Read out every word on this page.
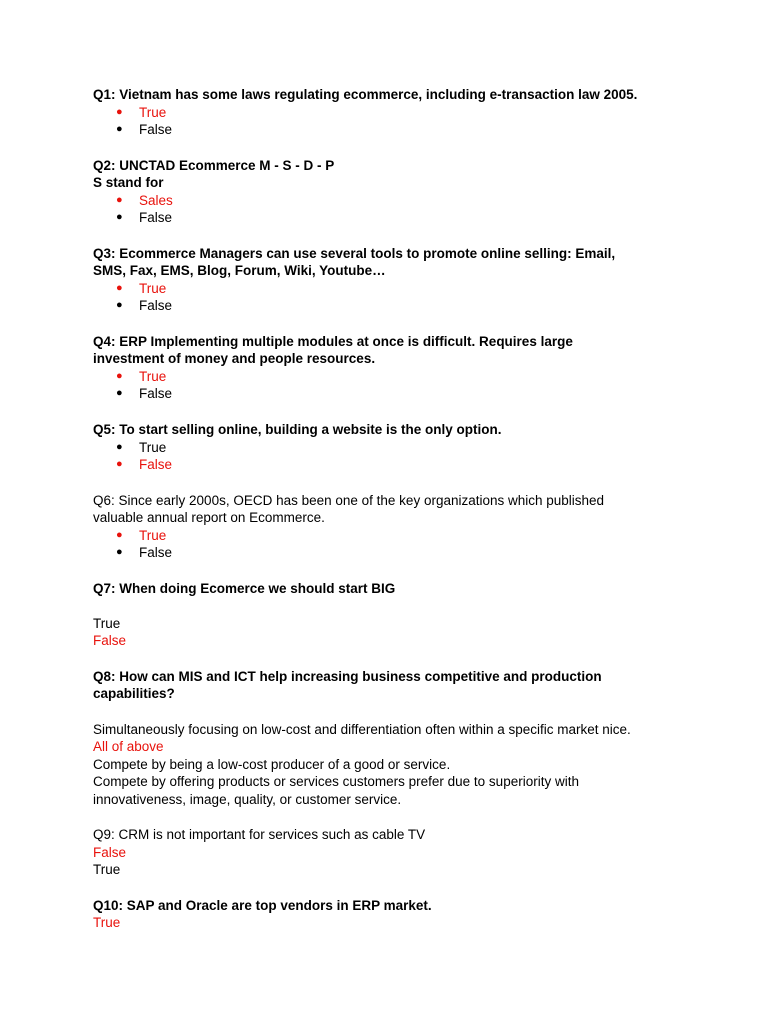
Q1: Vietnam has some laws regulating ecommerce, including e-transaction law 2005.
● True
● False
Q2: UNCTAD Ecommerce M - S - D - P
S stand for
● Sales
● False
Q3: Ecommerce Managers can use several tools to promote online selling: Email,
SMS, Fax, EMS, Blog, Forum, Wiki, Youtube…
● True
● False
Q4: ERP Implementing multiple modules at once is difficult. Requires large
investment of money and people resources.
● True
● False
Q5: To start selling online, building a website is the only option.
● True
● False
Q6: Since early 2000s, OECD has been one of the key organizations which published
valuable annual report on Ecommerce.
● True
● False
Q7: When doing Ecomerce we should start BIG
True
False
Q8: How can MIS and ICT help increasing business competitive and production
capabilities?
Simultaneously focusing on low-cost and differentiation often within a specific market nice.
All of above
Compete by being a low-cost producer of a good or service.
Compete by offering products or services customers prefer due to superiority with
innovativeness, image, quality, or customer service.
Q9: CRM is not important for services such as cable TV
False
True
Q10: SAP and Oracle are top vendors in ERP market.
True
